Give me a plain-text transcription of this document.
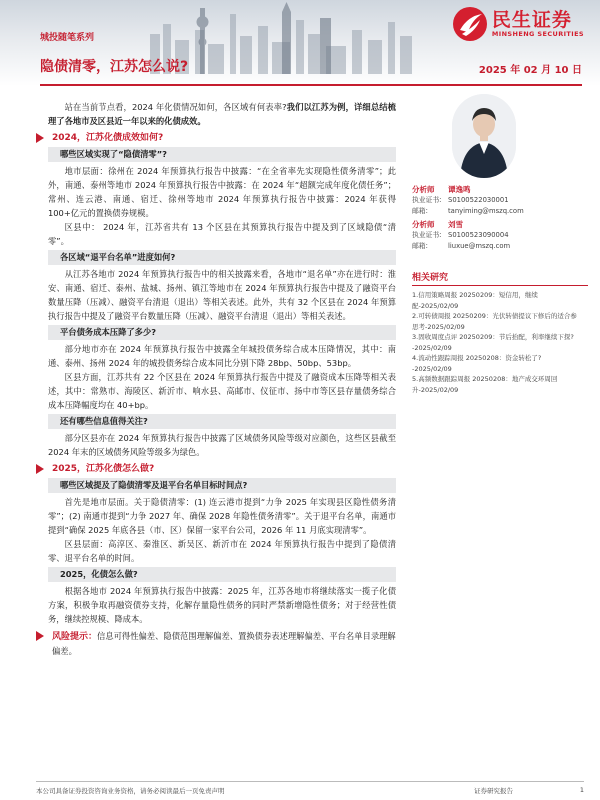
民生证券
MINSHENG SECURITIES
城投随笔系列
隐债清零，江苏怎么说?	2025 年 02 月 10 日

站在当前节点看，2024 年化债情况如何，各区域有何表率?我们以江苏为例，详细总结梳理了各地市及区县近一年以来的化债成效。

2024，江苏化债成效如何?
哪些区域实现了“隐债清零”?

地市层面：徐州在 2024 年预算执行报告中披露：“在全省率先实现隐性债务清零”；此外，南通、泰州等地市 2024 年预算执行报告中披露：在 2024 年“超额完成年度化债任务”；常州、连云港、南通、宿迁、徐州等地市 2024 年预算执行报告中披露：2024 年获得 100+亿元的置换债券规模。

区县中： 2024 年，江苏省共有 13 个区县在其预算执行报告中提及到了区域隐债“清零”。

各区域“退平台名单”进度如何?

从江苏各地市 2024 年预算执行报告中的相关披露来看，各地市“退名单”亦在进行时：淮安、南通、宿迁、泰州、盐城、扬州、镇江等地市在 2024 年预算执行报告中提及了融资平台数量压降（压减）、融资平台清退（退出）等相关表述。此外，共有 32 个区县在 2024 年预算执行报告中提及了融资平台数量压降（压减）、融资平台清退（退出）等相关表述。

平台债务成本压降了多少?

部分地市亦在 2024 年预算执行报告中披露全年城投债务综合成本压降情况，其中：南通、泰州、扬州 2024 年的城投债务综合成本同比分别下降 28bp、50bp、53bp。

区县方面，江苏共有 22 个区县在 2024 年预算执行报告中提及了融资成本压降等相关表述，其中：常熟市、海陵区、新沂市、响水县、高邮市、仪征市、扬中市等区县存量债务综合成本压降幅度均在 40+bp。

还有哪些信息值得关注?

部分区县亦在 2024 年预算执行报告中披露了区域债务风险等级对应颜色，这些区县截至 2024 年末的区域债务风险等级多为绿色。

2025，江苏化债怎么做?
哪些区域提及了隐债清零及退平台名单目标时间点?

首先是地市层面。关于隐债清零：(1) 连云港市提到“力争 2025 年实现县区隐性债务清零”；(2) 南通市提到“力争 2027 年、确保 2028 年隐性债务清零”。关于退平台名单，南通市提到“确保 2025 年底各县（市、区）保留一家平台公司，2026 年 11 月底实现清零”。

区县层面：高淳区、秦淮区、新吴区、新沂市在 2024 年预算执行报告中提到了隐债清零、退平台名单的时间。

2025，化债怎么做?

根据各地市 2024 年预算执行报告中披露：2025 年，江苏各地市将继续落实一揽子化债方案，积极争取再融资债券支持，化解存量隐性债务的同时严禁新增隐性债务；对于经营性债务，继续控规模、降成本。

风险提示：信息可得性偏差、隐债范围理解偏差、置换债券表述理解偏差、平台名单目录理解偏差。
分析师 谭逸鸣
执业证书: S0100522030001
邮箱:	tanyiming@mszq.com
分析师 刘雪
执业证书: S0100523090004
邮箱:	liuxue@mszq.com
相关研究
1.信用策略周报 20250209：短信用，继续配-2025/02/09
2.可转债周报 20250209：光伏转债提议下修后的适合参思考-2025/02/09
3.固收周度点评 20250209：节后抬配，利率继续下探? -2025/02/09
4.流动性跟踪周报 20250208：资金转松了? -2025/02/09
5.高频数据跟踪周报 20250208：地产成交环周回升-2025/02/09
本公司具备证券投资咨询业务资格，请务必阅读最后一页免责声明	证券研究报告	1
